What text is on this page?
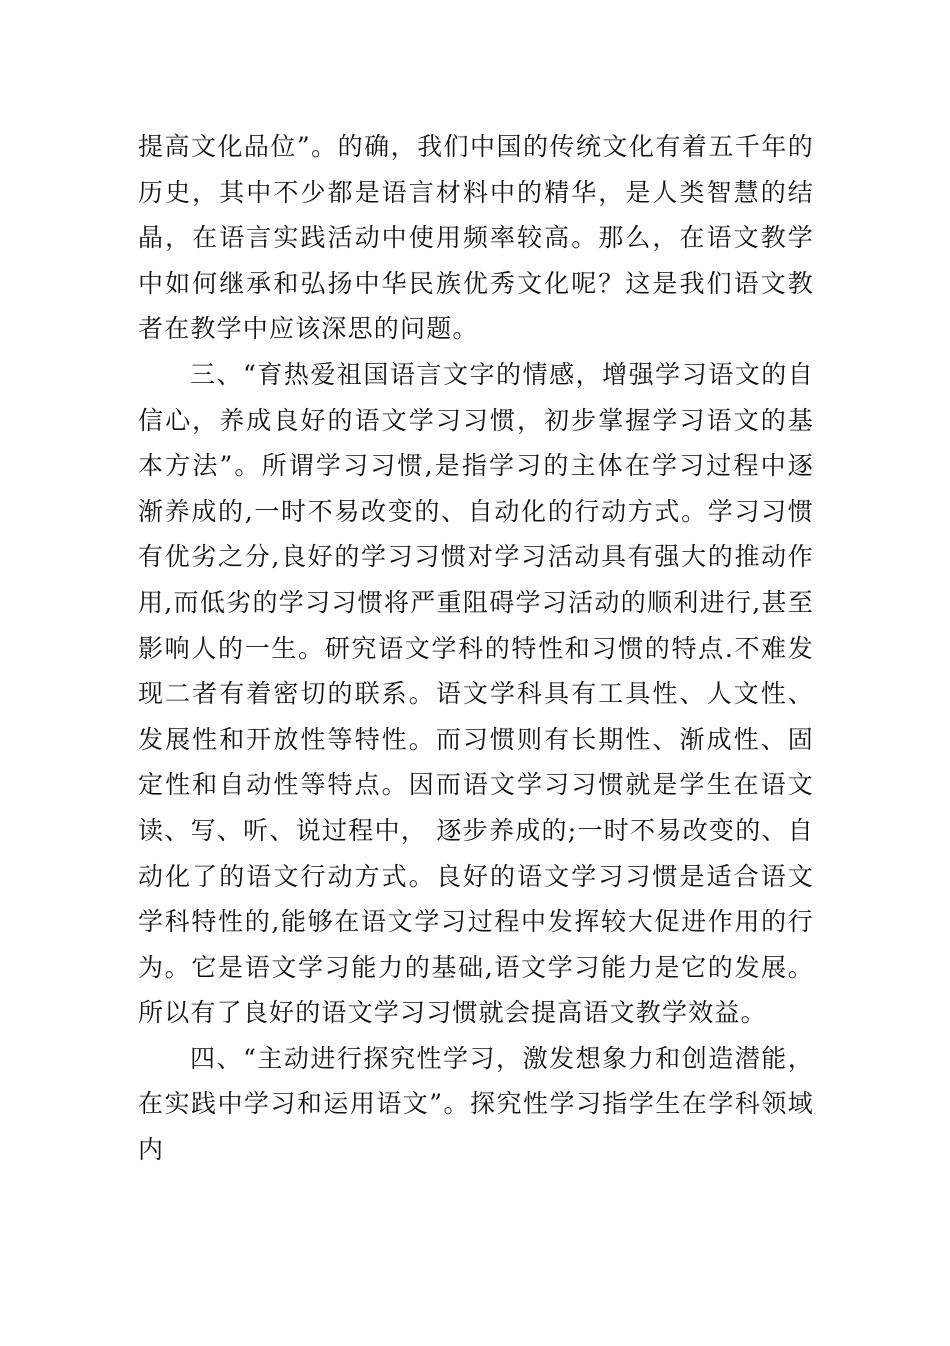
提高文化品位”。的确，我们中国的传统文化有着五千年的历史，其中不少都是语言材料中的精华，是人类智慧的结晶，在语言实践活动中使用频率较高。那么，在语文教学中如何继承和弘扬中华民族优秀文化呢？这是我们语文教者在教学中应该深思的问题。

三、“育热爱祖国语言文字的情感，增强学习语文的自信心，养成良好的语文学习习惯，初步掌握学习语文的基本方法”。所谓学习习惯,是指学习的主体在学习过程中逐渐养成的,一时不易改变的、自动化的行动方式。学习习惯有优劣之分,良好的学习习惯对学习活动具有强大的推动作用,而低劣的学习习惯将严重阻碍学习活动的顺利进行,甚至影响人的一生。研究语文学科的特性和习惯的特点.不难发现二者有着密切的联系。语文学科具有工具性、人文性、发展性和开放性等特性。而习惯则有长期性、渐成性、固定性和自动性等特点。因而语文学习习惯就是学生在语文读、写、听、说过程中， 逐步养成的;一时不易改变的、自动化了的语文行动方式。良好的语文学习习惯是适合语文学科特性的,能够在语文学习过程中发挥较大促进作用的行为。它是语文学习能力的基础,语文学习能力是它的发展。所以有了良好的语文学习习惯就会提高语文教学效益。

四、“主动进行探究性学习，激发想象力和创造潜能，在实践中学习和运用语文”。探究性学习指学生在学科领域内
